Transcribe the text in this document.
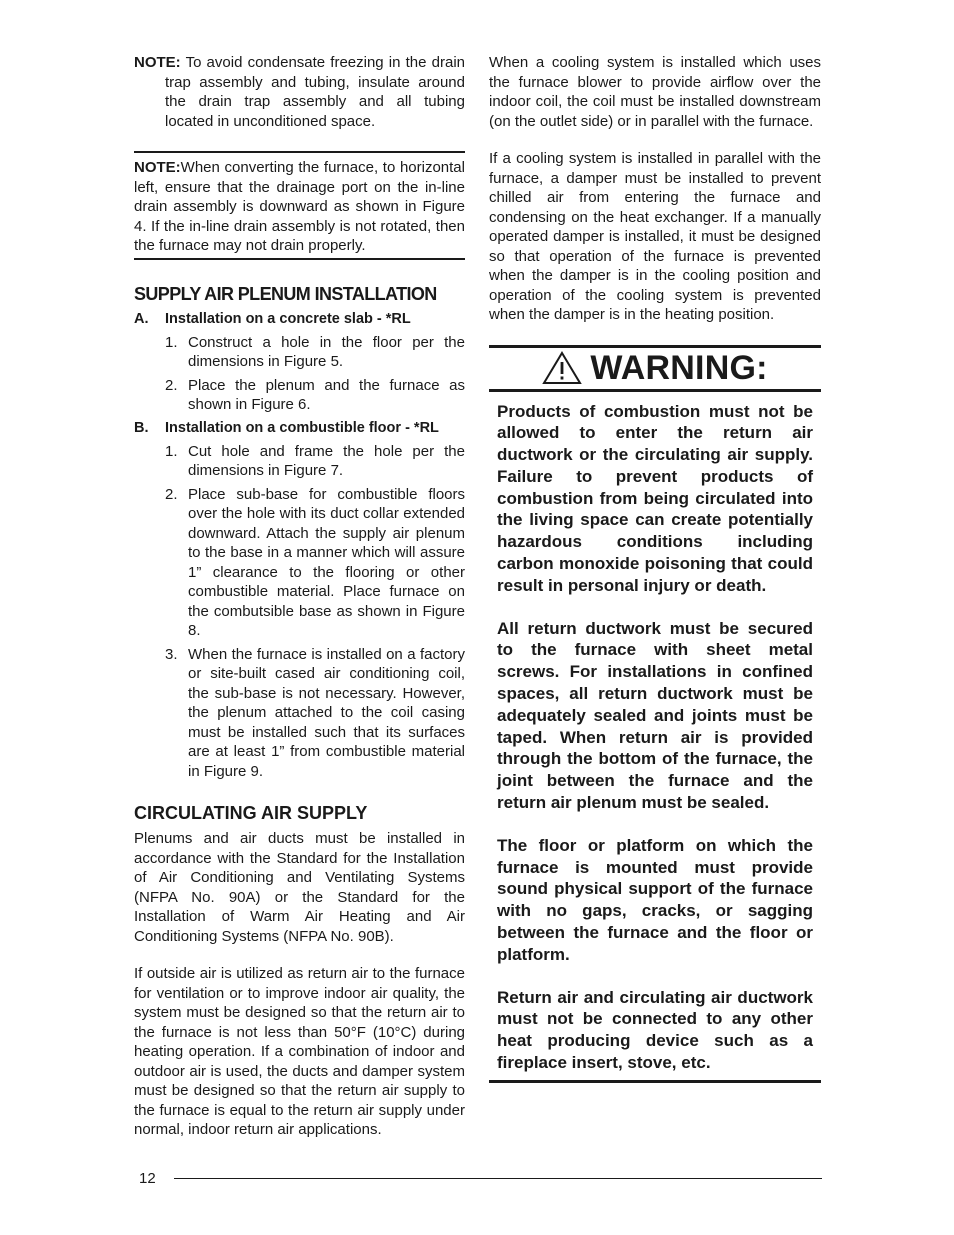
NOTE: To avoid condensate freezing in the drain trap assembly and tubing, insulate around the drain trap assembly and all tubing located in unconditioned space.

NOTE:When converting the furnace, to horizontal left, ensure that the drainage port on the in-line drain assembly is downward as shown in Figure 4. If the in-line drain assembly is not rotated, then the furnace may not drain properly.

SUPPLY AIR PLENUM INSTALLATION
A.	Installation on a concrete slab - *RL
1. Construct a hole in the floor per the dimensions in Figure 5.
2. Place the plenum and the furnace as shown in Figure 6.
B.	Installation on a combustible floor - *RL
1. Cut hole and frame the hole per the dimensions in Figure 7.
2. Place sub-base for combustible floors over the hole with its duct collar extended downward. Attach the supply air plenum to the base in a manner which will assure 1” clearance to the flooring or other combustible material. Place furnace on the combutsible base as shown in Figure 8.
3. When the furnace is installed on a factory or site-built cased air conditioning coil, the sub-base is not necessary. However, the plenum attached to the coil casing must be installed such that its surfaces are at least 1” from combustible material in Figure 9.
CIRCULATING AIR SUPPLY

Plenums and air ducts must be installed in accordance with the Standard for the Installation of Air Conditioning and Ventilating Systems (NFPA No. 90A) or the Standard for the Installation of Warm Air Heating and Air Conditioning Systems (NFPA No. 90B).

If outside air is utilized as return air to the furnace for ventilation or to improve indoor air quality, the system must be designed so that the return air to the furnace is not less than 50°F (10°C) during heating operation. If a combination of indoor and outdoor air is used, the ducts and damper system must be designed so that the return air supply to the furnace is equal to the return air supply under normal, indoor return air applications.

When a cooling system is installed which uses the furnace blower to provide airflow over the indoor coil, the coil must be installed downstream (on the outlet side) or in parallel with the furnace.

If a cooling system is installed in parallel with the furnace, a damper must be installed to prevent chilled air from entering the furnace and condensing on the heat exchanger. If a manually operated damper is installed, it must be designed so that operation of the furnace is prevented when the damper is in the cooling position and operation of the cooling system is prevented when the damper is in the heating position.

WARNING:

Products of combustion must not be allowed to enter the return air ductwork or the circulating air supply. Failure to prevent products of combustion from being circulated into the living space can create potentially hazardous conditions including carbon monoxide poisoning that could result in personal injury or death.

All return ductwork must be secured to the furnace with sheet metal screws. For installations in confined spaces, all return ductwork must be adequately sealed and joints must be taped. When return air is provided through the bottom of the furnace, the joint between the furnace and the return air plenum must be sealed.

The floor or platform on which the furnace is mounted must provide sound physical support of the furnace with no gaps, cracks, or sagging between the furnace and the floor or platform.

Return air and circulating air ductwork must not be connected to any other heat producing device such as a fireplace insert, stove, etc.

12
